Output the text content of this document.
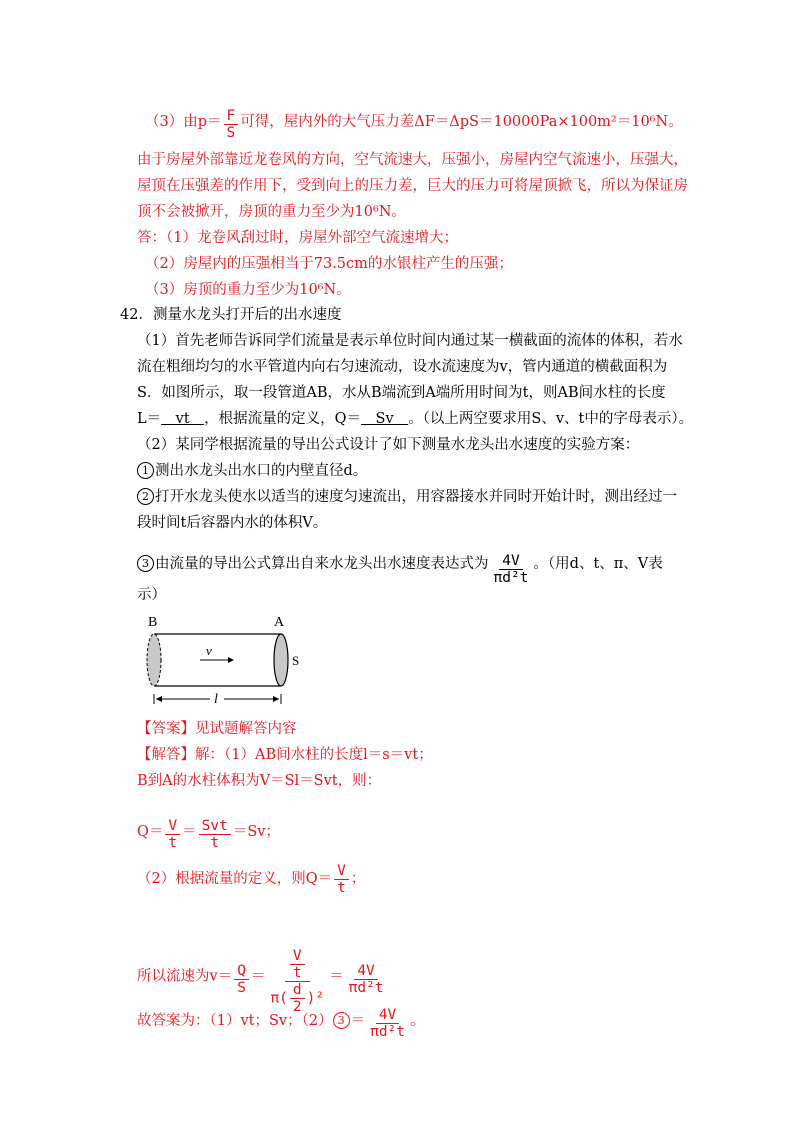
（3）由$p= \frac{F}{S}$ 可得，屋内外的大气压力差ΔF＝ΔpS＝10000Pa×100m²＝10⁶N。
由于房屋外部靠近龙卷风的方向，空气流速大，压强小，房屋内空气流速小，压强大，
屋顶在压强差的作用下，受到向上的压力差，巨大的压力可将屋顶掀飞，所以为保证房
顶不会被掀开，房顶的重力至少为10⁶N。
答：（1）龙卷风刮过时，房屋外部空气流速增大；
（2）房屋内的压强相当于73.5cm的水银柱产生的压强；
（3）房顶的重力至少为10⁶N。
42．测量水龙头打开后的出水速度
（1）首先老师告诉同学们流量是表示单位时间内通过某一横截面的流体的体积，若水
流在粗细均匀的水平管道内向右匀速流动，设水流速度为v，管内通道的横截面积为
S．如图所示，取一段管道AB，水从B端流到A端所用时间为t，则AB间水柱的长度
L＝　vt　，根据流量的定义，Q＝　Sv　。（以上两空要求用S、v、t中的字母表示）。
（2）某同学根据流量的导出公式设计了如下测量水龙头出水速度的实验方案：
1 测出水龙头出水口的内壁直径d。
2 打开水龙头使水以适当的速度匀速流出，用容器接水并同时开始计时，测出经过一
段时间t后容器内水的体积V。
3 由流量的导出公式算出自来水龙头出水速度表达式为 $\frac{4V}{\text{πd²t}}$ 。（用d、t、π、V表
示）
B	A
S
v
l
【答案】见试题解答内容
【解答】解：（1）AB间水柱的长度l＝s＝vt；
B到A的水柱体积为V＝Sl＝Svt，则：
$Q= \frac{V}{t} = \frac{\text{Svt}}{t} =Sv$；
（2）根据流量的定义，则$Q= \frac{V}{t}$ ；
所以流速为$v= \frac{Q}{S} = \frac{\frac{V}{t}}{\pi( \frac{d}{2} )^2} = \frac{4V}{\text{πd²t}}$
故答案为：（1）vt；Sv；（2） $3 = \frac{4V}{\text{πd²t}}$ 。
